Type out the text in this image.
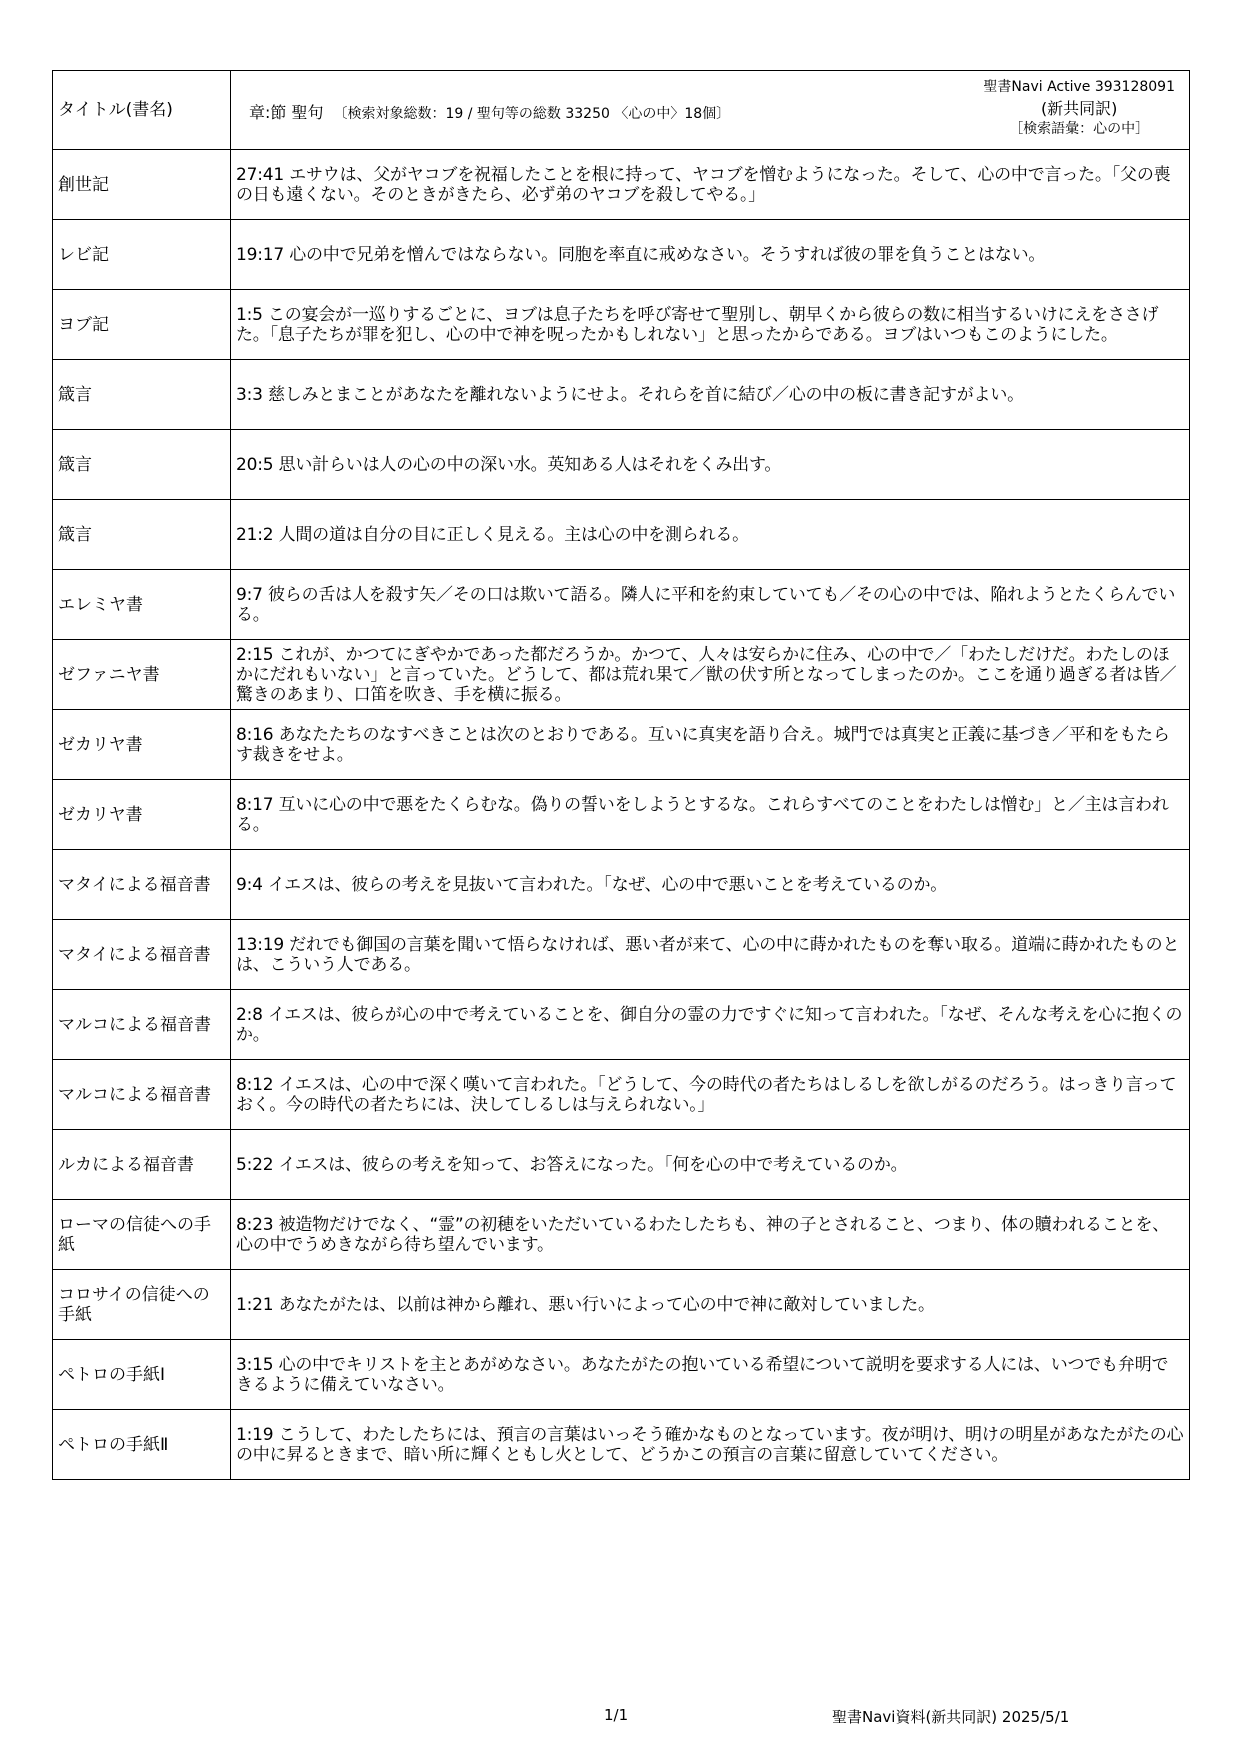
タイトル(書名)	章:節 聖句 〔検索対象総数：19 / 聖句等の総数 33250 〈心の中〉18個〕
聖書Navi Active 393128091
(新共同訳)
［検索語彙：心の中］

創世記	27:41 エサウは、父がヤコブを祝福したことを根に持って、ヤコブを憎むようになった。そして、心の中で言った。「父の喪の日も遠くない。そのときがきたら、必ず弟のヤコブを殺してやる。」
レビ記	19:17 心の中で兄弟を憎んではならない。同胞を率直に戒めなさい。そうすれば彼の罪を負うことはない。
ヨブ記	1:5 この宴会が一巡りするごとに、ヨブは息子たちを呼び寄せて聖別し、朝早くから彼らの数に相当するいけにえをささげた。「息子たちが罪を犯し、心の中で神を呪ったかもしれない」と思ったからである。ヨブはいつもこのようにした。
箴言	3:3 慈しみとまことがあなたを離れないようにせよ。それらを首に結び／心の中の板に書き記すがよい。
箴言	20:5 思い計らいは人の心の中の深い水。英知ある人はそれをくみ出す。
箴言	21:2 人間の道は自分の目に正しく見える。主は心の中を測られる。
エレミヤ書	9:7 彼らの舌は人を殺す矢／その口は欺いて語る。隣人に平和を約束していても／その心の中では、陥れようとたくらんでいる。
ゼファニヤ書	2:15 これが、かつてにぎやかであった都だろうか。かつて、人々は安らかに住み、心の中で／「わたしだけだ。わたしのほかにだれもいない」と言っていた。どうして、都は荒れ果て／獣の伏す所となってしまったのか。ここを通り過ぎる者は皆／驚きのあまり、口笛を吹き、手を横に振る。
ゼカリヤ書	8:16 あなたたちのなすべきことは次のとおりである。互いに真実を語り合え。城門では真実と正義に基づき／平和をもたらす裁きをせよ。
ゼカリヤ書	8:17 互いに心の中で悪をたくらむな。偽りの誓いをしようとするな。これらすべてのことをわたしは憎む」と／主は言われる。
マタイによる福音書	9:4 イエスは、彼らの考えを見抜いて言われた。「なぜ、心の中で悪いことを考えているのか。
マタイによる福音書	13:19 だれでも御国の言葉を聞いて悟らなければ、悪い者が来て、心の中に蒔かれたものを奪い取る。道端に蒔かれたものとは、こういう人である。
マルコによる福音書	2:8 イエスは、彼らが心の中で考えていることを、御自分の霊の力ですぐに知って言われた。「なぜ、そんな考えを心に抱くのか。
マルコによる福音書	8:12 イエスは、心の中で深く嘆いて言われた。「どうして、今の時代の者たちはしるしを欲しがるのだろう。はっきり言っておく。今の時代の者たちには、決してしるしは与えられない。」
ルカによる福音書	5:22 イエスは、彼らの考えを知って、お答えになった。「何を心の中で考えているのか。
ローマの信徒への手紙	8:23 被造物だけでなく、“霊”の初穂をいただいているわたしたちも、神の子とされること、つまり、体の贖われることを、心の中でうめきながら待ち望んでいます。
コロサイの信徒への手紙	1:21 あなたがたは、以前は神から離れ、悪い行いによって心の中で神に敵対していました。
ペトロの手紙Ⅰ	3:15 心の中でキリストを主とあがめなさい。あなたがたの抱いている希望について説明を要求する人には、いつでも弁明できるように備えていなさい。
ペトロの手紙Ⅱ	1:19 こうして、わたしたちには、預言の言葉はいっそう確かなものとなっています。夜が明け、明けの明星があなたがたの心の中に昇るときまで、暗い所に輝くともし火として、どうかこの預言の言葉に留意していてください。
1/1	聖書Navi資料(新共同訳) 2025/5/1
